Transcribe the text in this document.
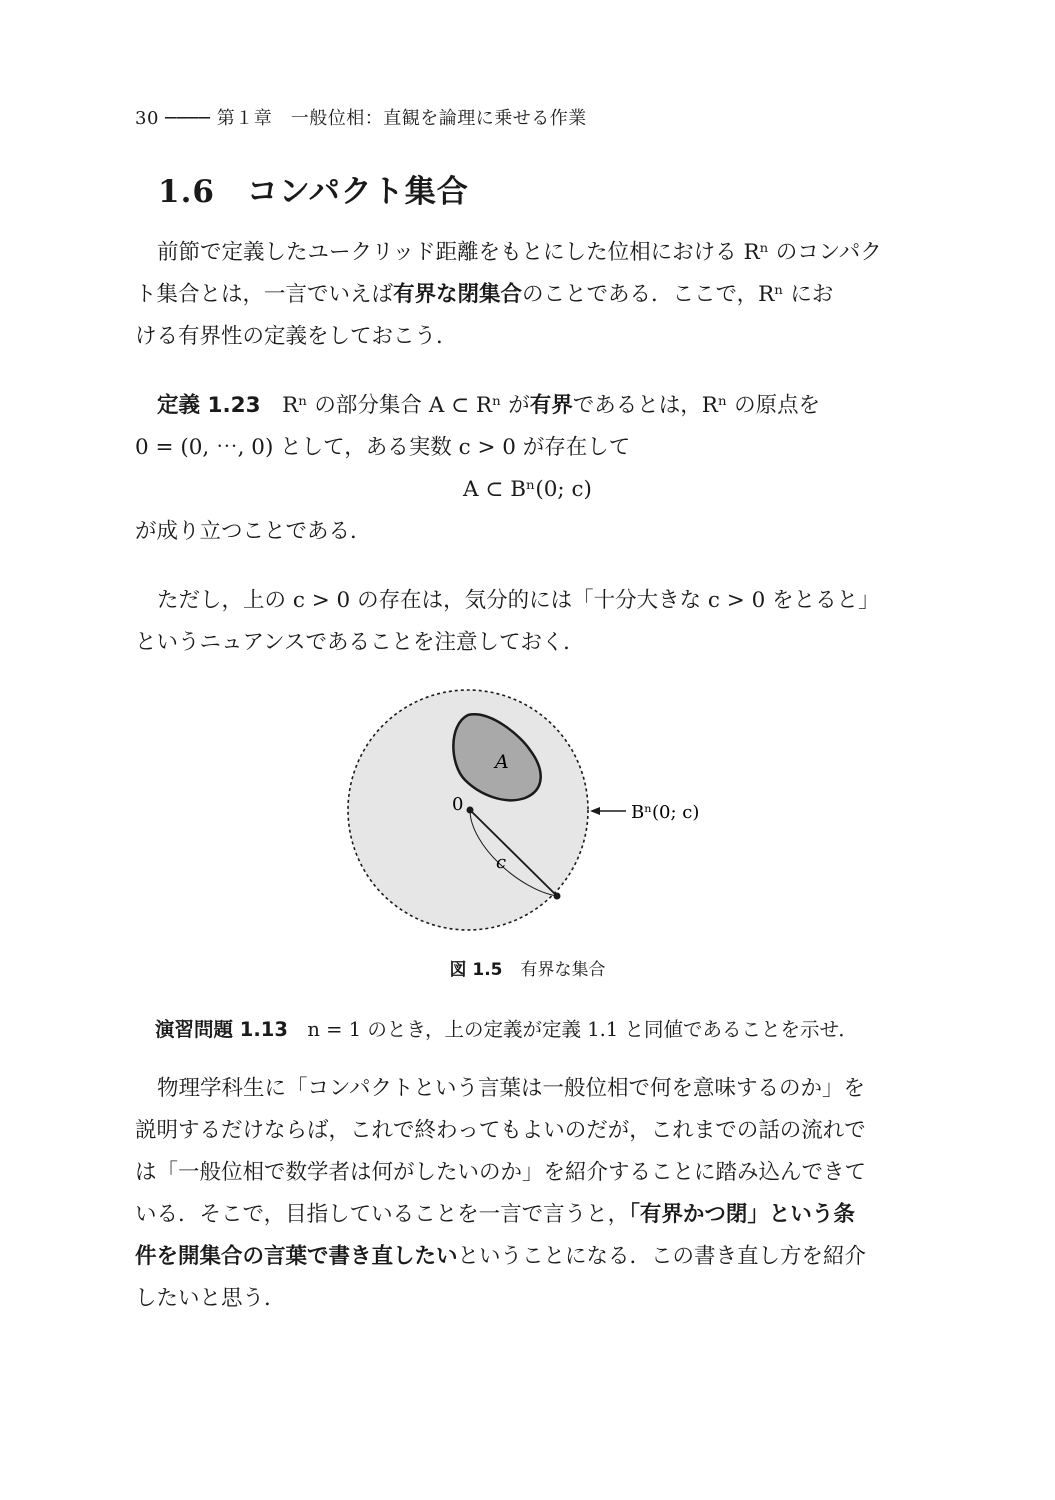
30 ──── 第１章　一般位相：直観を論理に乗せる作業
1.6　コンパクト集合
前節で定義したユークリッド距離をもとにした位相における Rⁿ のコンパク
ト集合とは，一言でいえば有界な閉集合のことである．ここで，Rⁿ にお
ける有界性の定義をしておこう．
定義 1.23　 Rⁿ の部分集合 A ⊂ Rⁿ が有界であるとは，Rⁿ の原点を
0 = (0, ⋯, 0) として，ある実数 c > 0 が存在して
A ⊂ Bⁿ(0; c)
が成り立つことである．
ただし，上の c > 0 の存在は，気分的には「十分大きな c > 0 をとると」
というニュアンスであることを注意しておく．
A
0
c
Bⁿ(0; c)
図 1.5 有界な集合
演習問題 1.13　 n = 1 のとき，上の定義が定義 1.1 と同値であることを示せ．
物理学科生に「コンパクトという言葉は一般位相で何を意味するのか」を
説明するだけならば，これで終わってもよいのだが，これまでの話の流れで
は「一般位相で数学者は何がしたいのか」を紹介することに踏み込んできて
いる．そこで，目指していることを一言で言うと，「有界かつ閉」という条
件を開集合の言葉で書き直したいということになる．この書き直し方を紹介
したいと思う．
